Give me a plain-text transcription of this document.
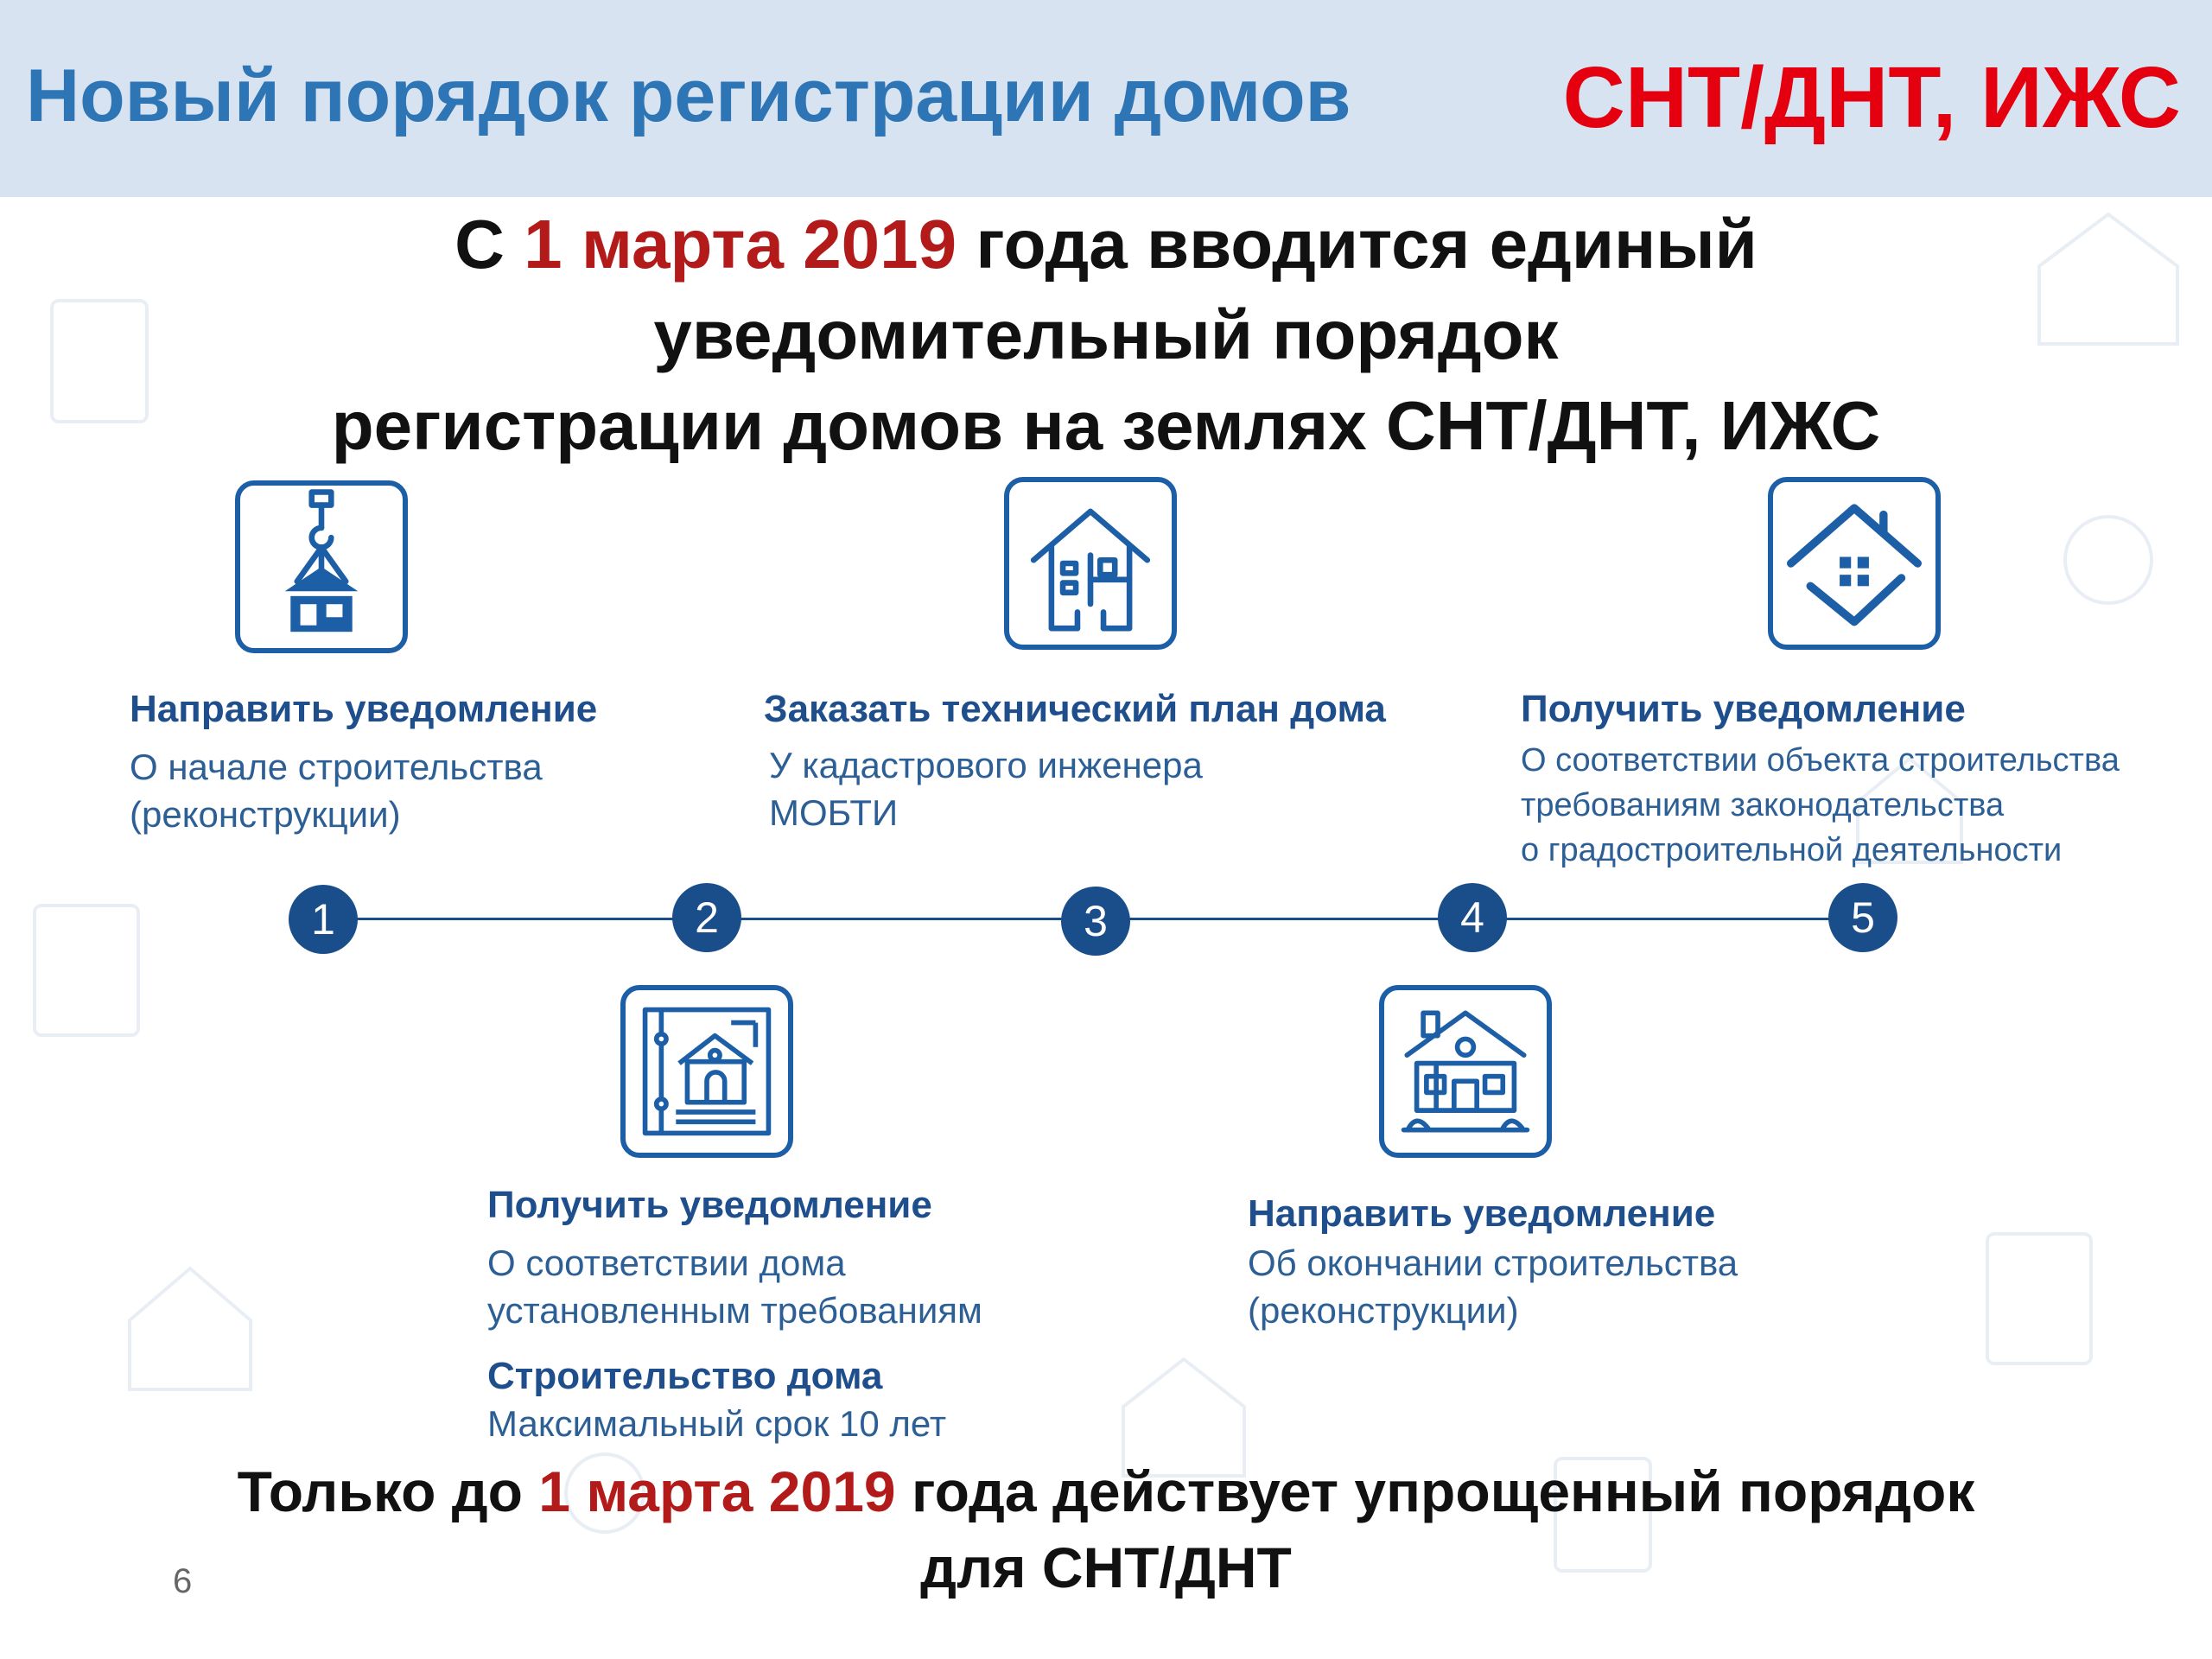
Новый порядок регистрации домов СНТ/ДНТ, ИЖС
С 1 марта 2019 года вводится единый
уведомительный порядок
регистрации домов на землях СНТ/ДНТ, ИЖС
1	2	3	4	5
Направить уведомление
О начале строительства
(реконструкции)
Заказать технический план дома
У кадастрового инженера
МОБТИ
Получить уведомление
О соответствии объекта строительства
требованиям законодательства
о градостроительной деятельности
Получить уведомление
О соответствии дома
установленным требованиям
Строительство дома
Максимальный срок 10 лет
Направить уведомление
Об окончании строительства
(реконструкции)
Только до 1 марта 2019 года действует упрощенный порядок
для СНТ/ДНТ
6
